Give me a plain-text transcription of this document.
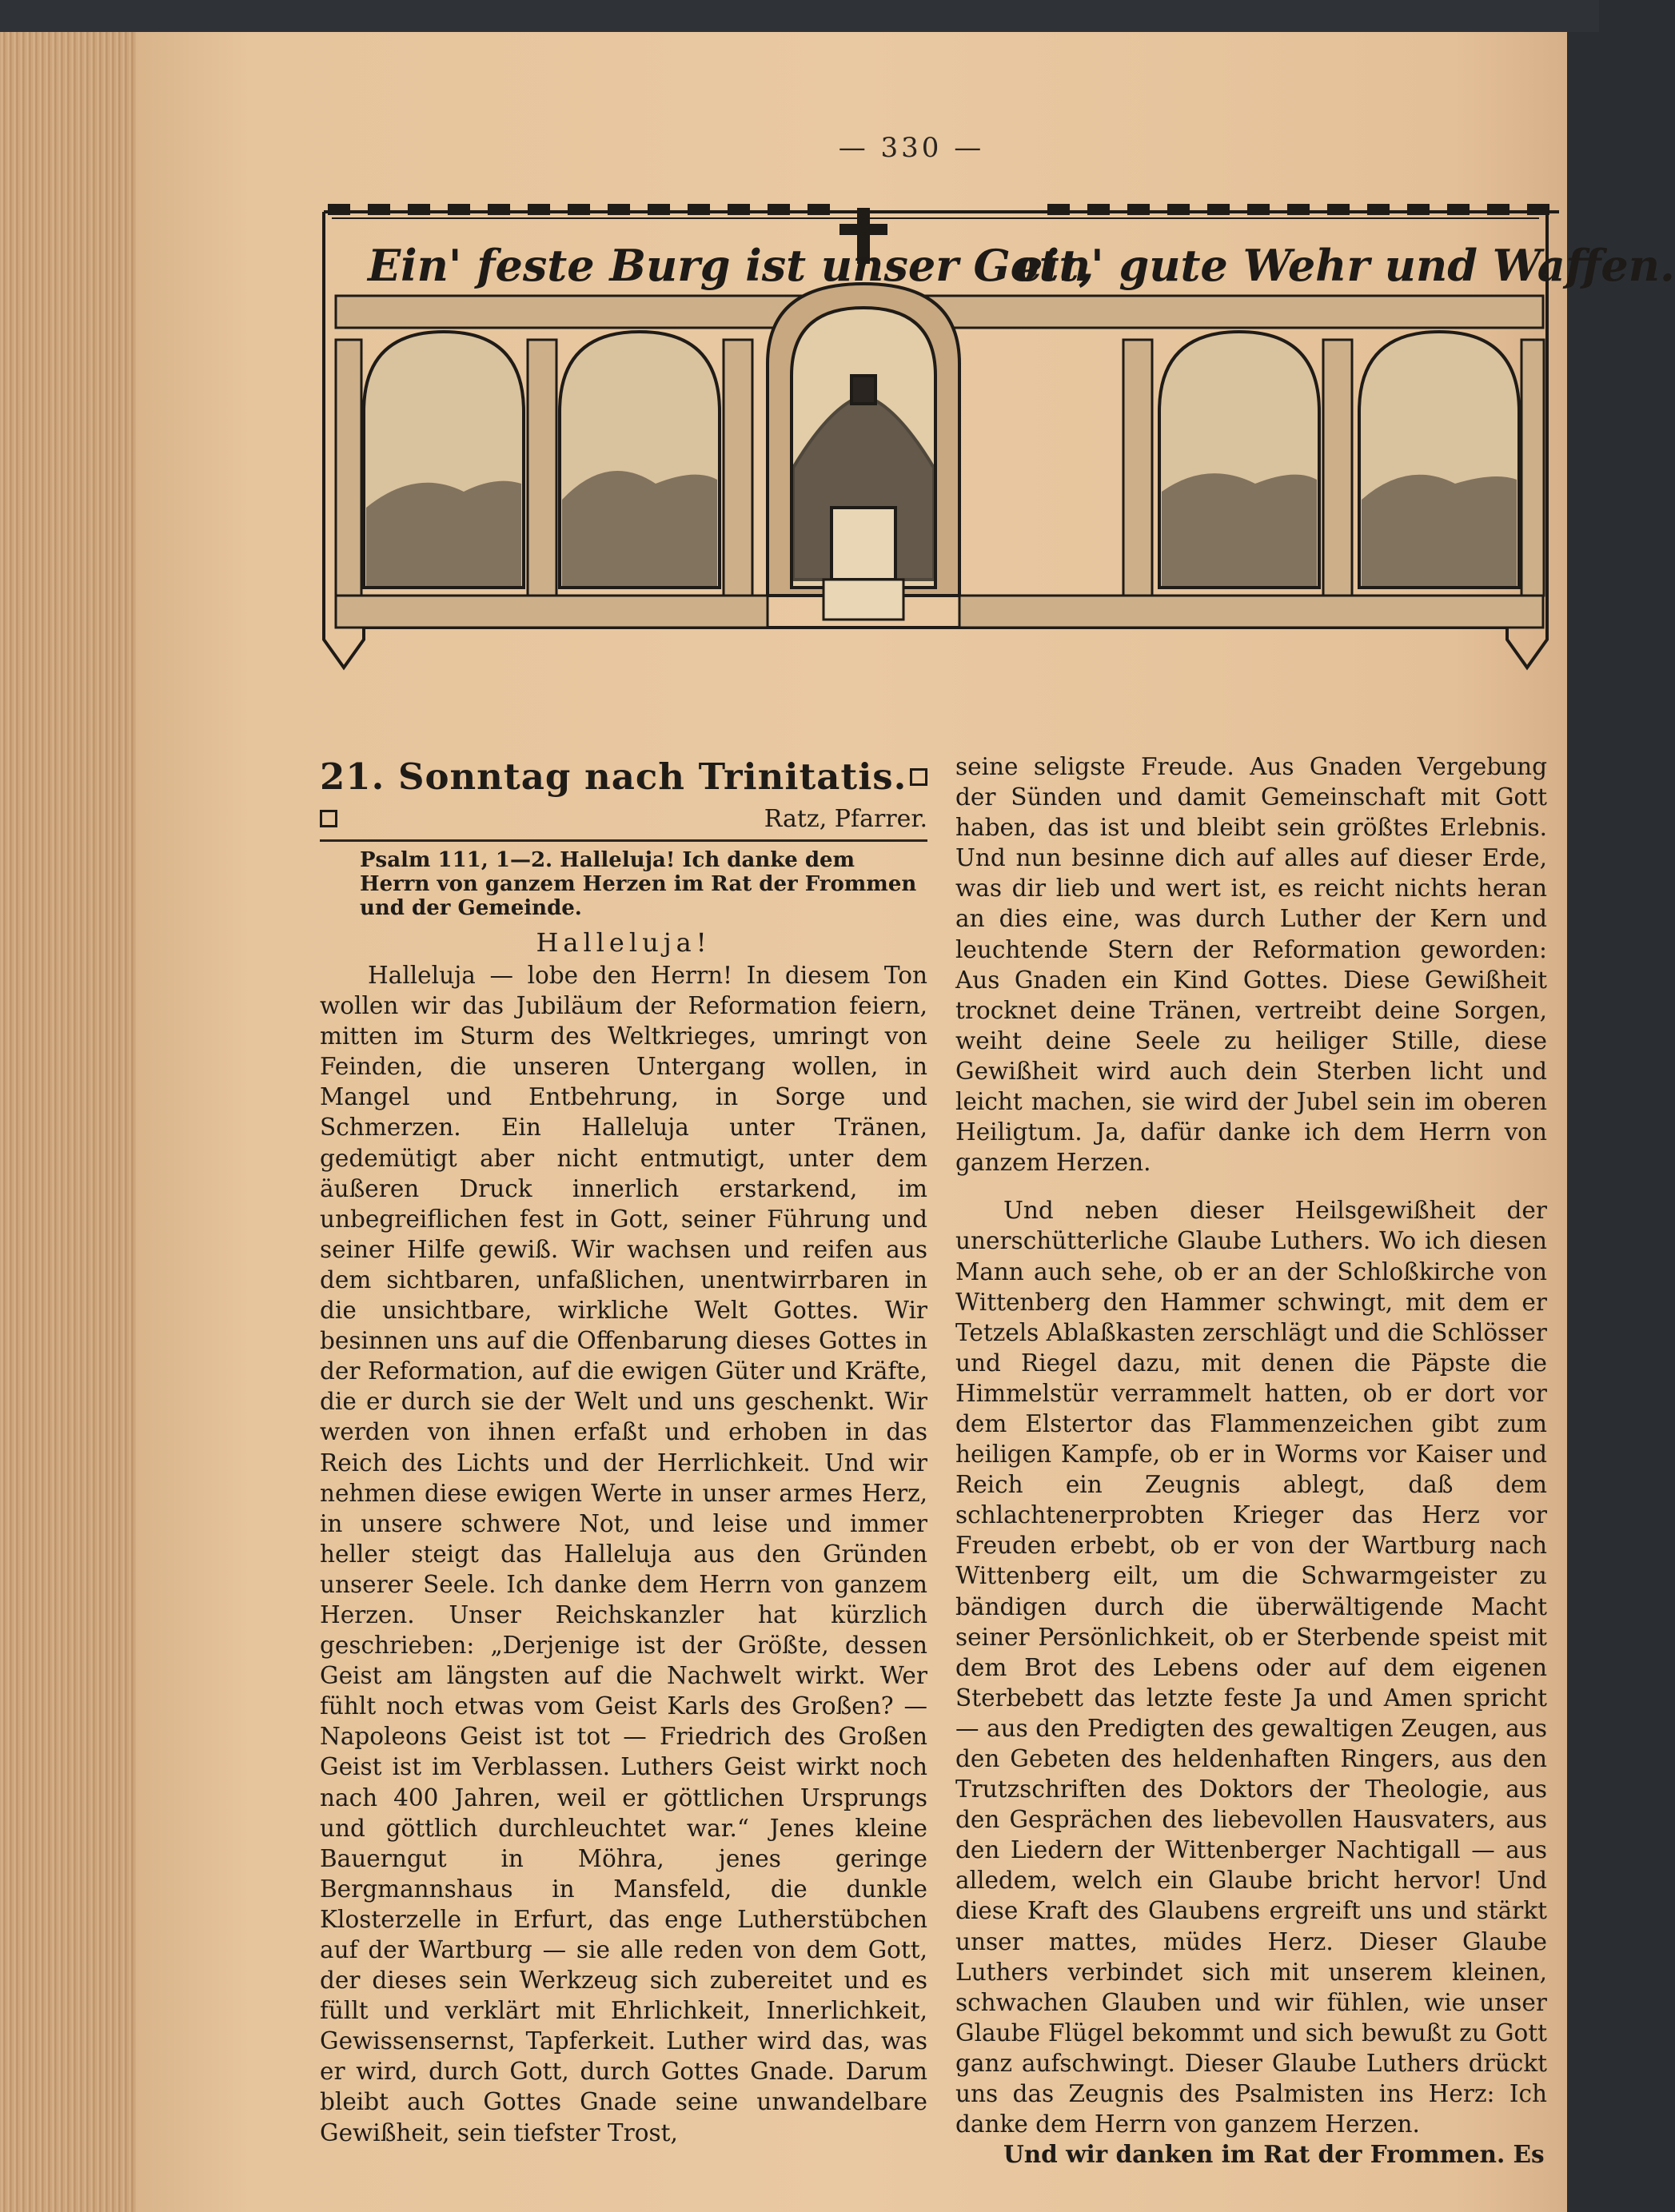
— 330 —
Ein' feste Burg ist unser Gott,
ein' gute Wehr und Waffen.
21. Sonntag nach Trinitatis.
Ratz, Pfarrer.
Psalm 111, 1—2. Halleluja! Ich danke dem Herrn von ganzem Herzen im Rat der Frommen und der Gemeinde.
Halleluja!

Halleluja — lobe den Herrn! In diesem Ton wollen wir das Jubiläum der Reformation feiern, mitten im Sturm des Weltkrieges, umringt von Feinden, die unseren Untergang wollen, in Mangel und Entbehrung, in Sorge und Schmerzen. Ein Halleluja unter Tränen, gedemütigt aber nicht entmutigt, unter dem äußeren Druck innerlich erstarkend, im unbegreiflichen fest in Gott, seiner Führung und seiner Hilfe gewiß. Wir wachsen und reifen aus dem sichtbaren, unfaßlichen, unentwirrbaren in die unsichtbare, wirkliche Welt Gottes. Wir besinnen uns auf die Offenbarung dieses Gottes in der Reformation, auf die ewigen Güter und Kräfte, die er durch sie der Welt und uns geschenkt. Wir werden von ihnen erfaßt und erhoben in das Reich des Lichts und der Herrlichkeit. Und wir nehmen diese ewigen Werte in unser armes Herz, in unsere schwere Not, und leise und immer heller steigt das Halleluja aus den Gründen unserer Seele. Ich danke dem Herrn von ganzem Herzen. Unser Reichskanzler hat kürzlich geschrieben: „Derjenige ist der Größte, dessen Geist am längsten auf die Nachwelt wirkt. Wer fühlt noch etwas vom Geist Karls des Großen? — Napoleons Geist ist tot — Friedrich des Großen Geist ist im Verblassen. Luthers Geist wirkt noch nach 400 Jahren, weil er göttlichen Ursprungs und göttlich durchleuchtet war.“ Jenes kleine Bauerngut in Möhra, jenes geringe Bergmannshaus in Mansfeld, die dunkle Klosterzelle in Erfurt, das enge Lutherstübchen auf der Wartburg — sie alle reden von dem Gott, der dieses sein Werkzeug sich zubereitet und es füllt und verklärt mit Ehrlichkeit, Innerlichkeit, Gewissensernst, Tapferkeit. Luther wird das, was er wird, durch Gott, durch Gottes Gnade. Darum bleibt auch Gottes Gnade seine unwandelbare Gewißheit, sein tiefster Trost,

seine seligste Freude. Aus Gnaden Vergebung der Sünden und damit Gemeinschaft mit Gott haben, das ist und bleibt sein größtes Erlebnis. Und nun besinne dich auf alles auf dieser Erde, was dir lieb und wert ist, es reicht nichts heran an dies eine, was durch Luther der Kern und leuchtende Stern der Reformation geworden: Aus Gnaden ein Kind Gottes. Diese Gewißheit trocknet deine Tränen, vertreibt deine Sorgen, weiht deine Seele zu heiliger Stille, diese Gewißheit wird auch dein Sterben licht und leicht machen, sie wird der Jubel sein im oberen Heiligtum. Ja, dafür danke ich dem Herrn von ganzem Herzen.

Und neben dieser Heilsgewißheit der unerschütterliche Glaube Luthers. Wo ich diesen Mann auch sehe, ob er an der Schloßkirche von Wittenberg den Hammer schwingt, mit dem er Tetzels Ablaßkasten zerschlägt und die Schlösser und Riegel dazu, mit denen die Päpste die Himmelstür verrammelt hatten, ob er dort vor dem Elstertor das Flammenzeichen gibt zum heiligen Kampfe, ob er in Worms vor Kaiser und Reich ein Zeugnis ablegt, daß dem schlachtenerprobten Krieger das Herz vor Freuden erbebt, ob er von der Wartburg nach Wittenberg eilt, um die Schwarmgeister zu bändigen durch die überwältigende Macht seiner Persönlichkeit, ob er Sterbende speist mit dem Brot des Lebens oder auf dem eigenen Sterbebett das letzte feste Ja und Amen spricht — aus den Predigten des gewaltigen Zeugen, aus den Gebeten des heldenhaften Ringers, aus den Trutzschriften des Doktors der Theologie, aus den Gesprächen des liebevollen Hausvaters, aus den Liedern der Wittenberger Nachtigall — aus alledem, welch ein Glaube bricht hervor! Und diese Kraft des Glaubens ergreift uns und stärkt unser mattes, müdes Herz. Dieser Glaube Luthers verbindet sich mit unserem kleinen, schwachen Glauben und wir fühlen, wie unser Glaube Flügel bekommt und sich bewußt zu Gott ganz aufschwingt. Dieser Glaube Luthers drückt uns das Zeugnis des Psalmisten ins Herz: Ich danke dem Herrn von ganzem Herzen.

Und wir danken im Rat der Frommen. Es
